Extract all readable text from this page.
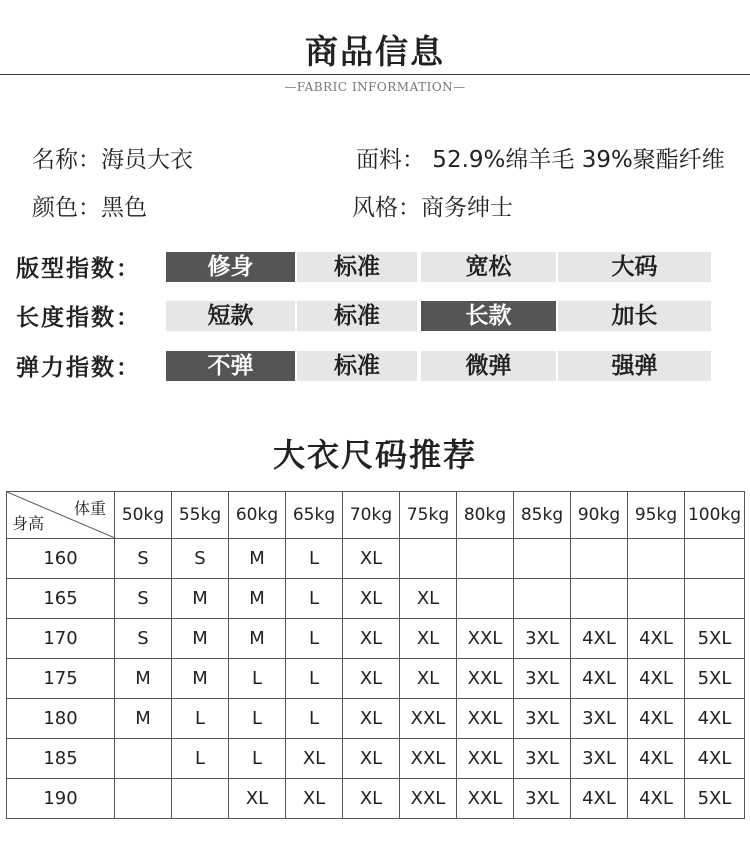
商品信息
—FABRIC INFORMATION—
名称：海员大衣	面料： 52.9%绵羊毛 39%聚酯纤维
颜色：黑色	风格：商务绅士
版型指数：	修身	标准	宽松	大码
长度指数：	短款	标准	长款	加长
弹力指数：	不弹	标准	微弹	强弹
大衣尺码推荐
体重
身高	50kg	55kg	60kg	65kg	70kg	75kg	80kg	85kg	90kg	95kg	100kg
160	S	S	M	L	XL						
165	S	M	M	L	XL	XL					
170	S	M	M	L	XL	XL	XXL	3XL	4XL	4XL	5XL
175	M	M	L	L	XL	XL	XXL	3XL	4XL	4XL	5XL
180	M	L	L	L	XL	XXL	XXL	3XL	3XL	4XL	4XL
185		L	L	XL	XL	XXL	XXL	3XL	3XL	4XL	4XL
190			XL	XL	XL	XXL	XXL	3XL	4XL	4XL	5XL
